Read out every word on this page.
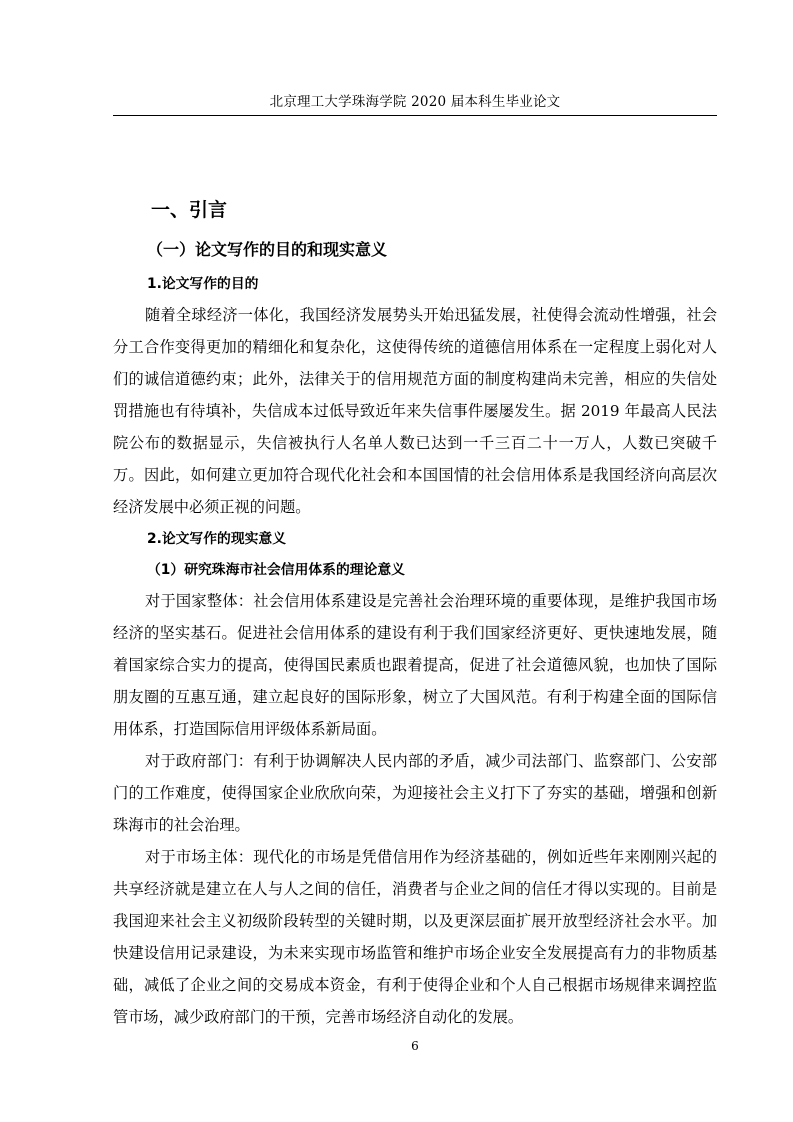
北京理工大学珠海学院 2020 届本科生毕业论文
一、引言
（一）论文写作的目的和现实意义
1.论文写作的目的

随着全球经济一体化，我国经济发展势头开始迅猛发展，社使得会流动性增强，社会分工合作变得更加的精细化和复杂化，这使得传统的道德信用体系在一定程度上弱化对人们的诚信道德约束；此外，法律关于的信用规范方面的制度构建尚未完善，相应的失信处罚措施也有待填补，失信成本过低导致近年来失信事件屡屡发生。据 2019 年最高人民法院公布的数据显示，失信被执行人名单人数已达到一千三百二十一万人，人数已突破千万。因此，如何建立更加符合现代化社会和本国国情的社会信用体系是我国经济向高层次经济发展中必须正视的问题。

2.论文写作的现实意义
（1）研究珠海市社会信用体系的理论意义

对于国家整体：社会信用体系建设是完善社会治理环境的重要体现，是维护我国市场经济的坚实基石。促进社会信用体系的建设有利于我们国家经济更好、更快速地发展，随着国家综合实力的提高，使得国民素质也跟着提高，促进了社会道德风貌，也加快了国际朋友圈的互惠互通，建立起良好的国际形象，树立了大国风范。有利于构建全面的国际信用体系，打造国际信用评级体系新局面。

对于政府部门：有利于协调解决人民内部的矛盾，减少司法部门、监察部门、公安部门的工作难度，使得国家企业欣欣向荣，为迎接社会主义打下了夯实的基础，增强和创新珠海市的社会治理。

对于市场主体：现代化的市场是凭借信用作为经济基础的，例如近些年来刚刚兴起的共享经济就是建立在人与人之间的信任，消费者与企业之间的信任才得以实现的。目前是我国迎来社会主义初级阶段转型的关键时期，以及更深层面扩展开放型经济社会水平。加快建设信用记录建设，为未来实现市场监管和维护市场企业安全发展提高有力的非物质基础，减低了企业之间的交易成本资金，有利于使得企业和个人自己根据市场规律来调控监管市场，减少政府部门的干预，完善市场经济自动化的发展。

6
